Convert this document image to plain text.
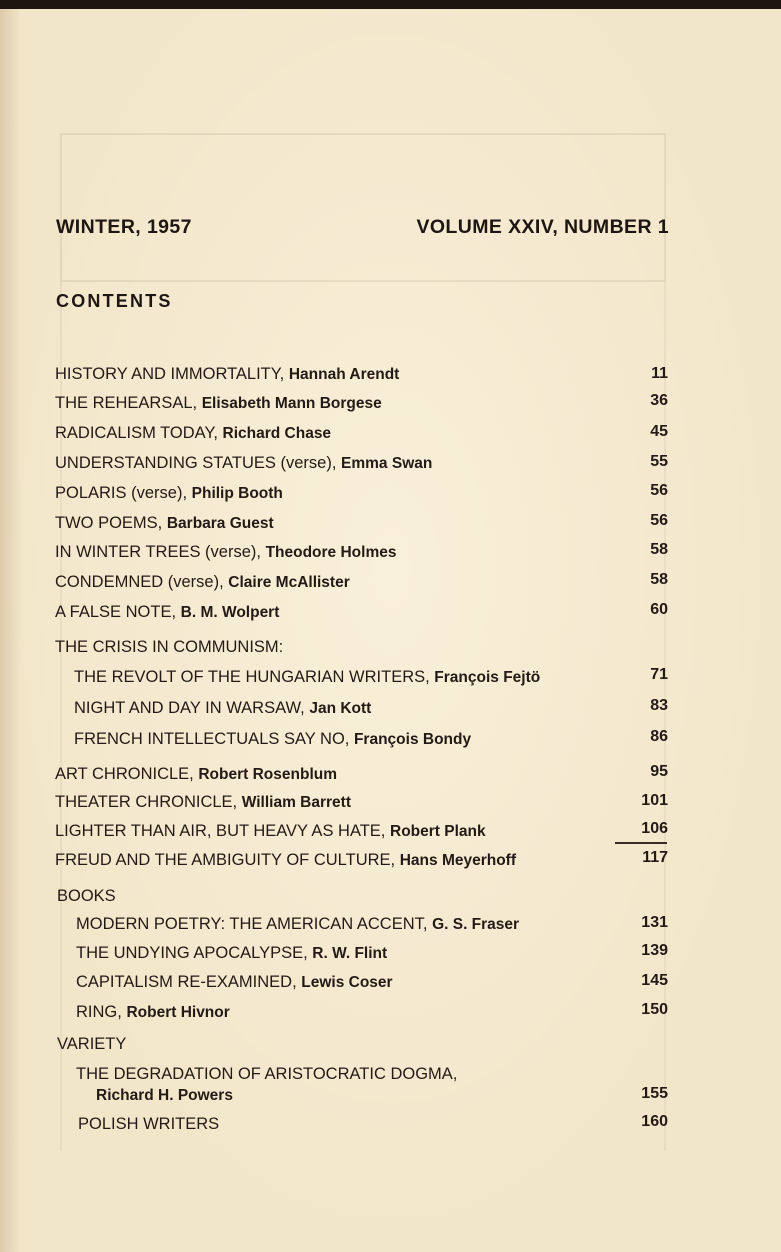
WINTER, 1957	VOLUME XXIV, NUMBER 1
CONTENTS
HISTORY AND IMMORTALITY, Hannah Arendt	11
THE REHEARSAL, Elisabeth Mann Borgese	36
RADICALISM TODAY, Richard Chase	45
UNDERSTANDING STATUES (verse), Emma Swan	55
POLARIS (verse), Philip Booth	56
TWO POEMS, Barbara Guest	56
IN WINTER TREES (verse), Theodore Holmes	58
CONDEMNED (verse), Claire McAllister	58
A FALSE NOTE, B. M. Wolpert	60
THE CRISIS IN COMMUNISM:
THE REVOLT OF THE HUNGARIAN WRITERS, François Fejtö	71
NIGHT AND DAY IN WARSAW, Jan Kott	83
FRENCH INTELLECTUALS SAY NO, François Bondy	86
ART CHRONICLE, Robert Rosenblum	95
THEATER CHRONICLE, William Barrett	101
LIGHTER THAN AIR, BUT HEAVY AS HATE, Robert Plank	106
FREUD AND THE AMBIGUITY OF CULTURE, Hans Meyerhoff	117
BOOKS
MODERN POETRY: THE AMERICAN ACCENT, G. S. Fraser	131
THE UNDYING APOCALYPSE, R. W. Flint	139
CAPITALISM RE-EXAMINED, Lewis Coser	145
RING, Robert Hivnor	150
VARIETY
THE DEGRADATION OF ARISTOCRATIC DOGMA,
Richard H. Powers	155
POLISH WRITERS	160
